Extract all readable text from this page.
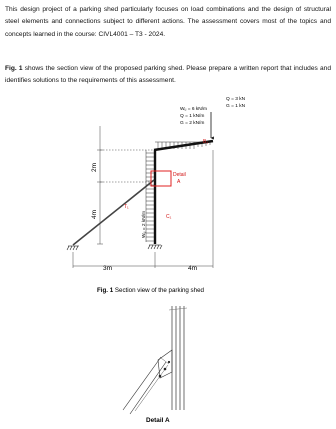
This design project of a parking shed particularly focuses on load combinations and the design of structural steel elements and connections subject to different actions. The assessment covers most of the topics and concepts learned in the course: CIVL4001 – T3 - 2024.
Fig. 1 shows the section view of the proposed parking shed. Please prepare a written report that includes and identifies solutions to the requirements of this assessment.
Wᵤ = 6 kN/m
Q = 1 kN/m
G = 2 kN/m
Q = 3 kN
G = 1 kN
Wᵤ = 2 kN/m
B₁
C₁
T₁
Detail
A
2m
4m
3m	4m
Fig. 1 Section view of the parking shed
Detail A
